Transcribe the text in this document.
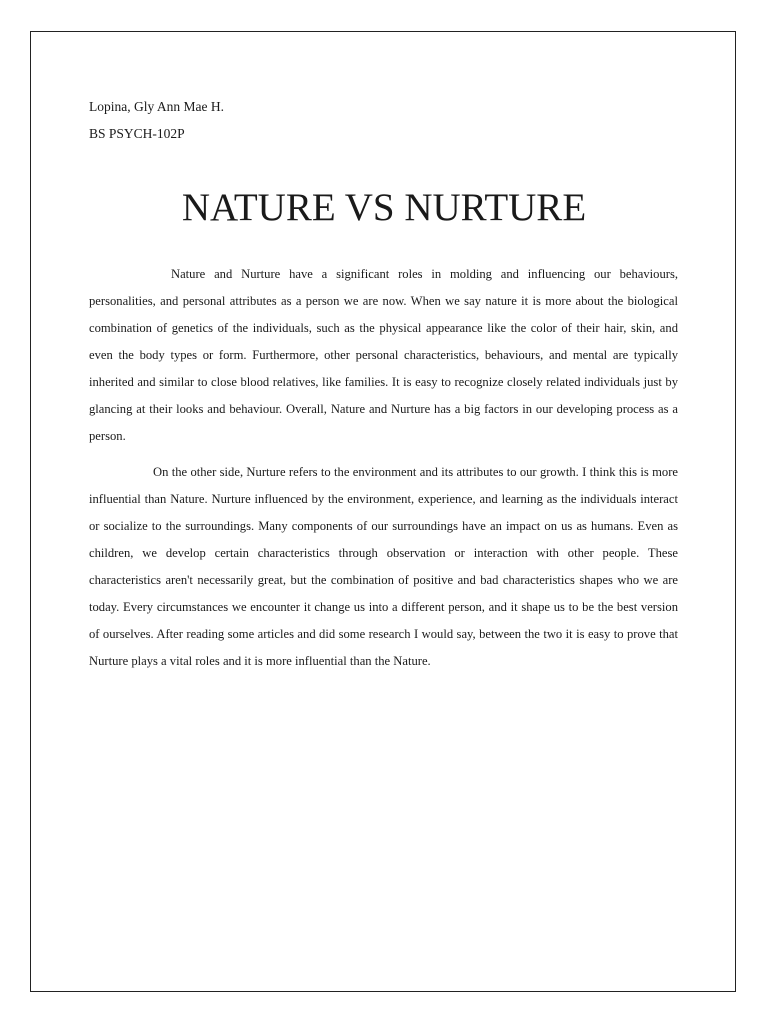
Lopina, Gly Ann Mae H.
BS PSYCH-102P
NATURE VS NURTURE

Nature and Nurture have a significant roles in molding and influencing our behaviours, personalities, and personal attributes as a person we are now. When we say nature it is more about the biological combination of genetics of the individuals, such as the physical appearance like the color of their hair, skin, and even the body types or form. Furthermore, other personal characteristics, behaviours, and mental are typically inherited and similar to close blood relatives, like families. It is easy to recognize closely related individuals just by glancing at their looks and behaviour. Overall, Nature and Nurture has a big factors in our developing process as a person.

On the other side, Nurture refers to the environment and its attributes to our growth. I think this is more influential than Nature. Nurture influenced by the environment, experience, and learning as the individuals interact or socialize to the surroundings. Many components of our surroundings have an impact on us as humans. Even as children, we develop certain characteristics through observation or interaction with other people. These characteristics aren't necessarily great, but the combination of positive and bad characteristics shapes who we are today. Every circumstances we encounter it change us into a different person, and it shape us to be the best version of ourselves. After reading some articles and did some research I would say, between the two it is easy to prove that Nurture plays a vital roles and it is more influential than the Nature.
